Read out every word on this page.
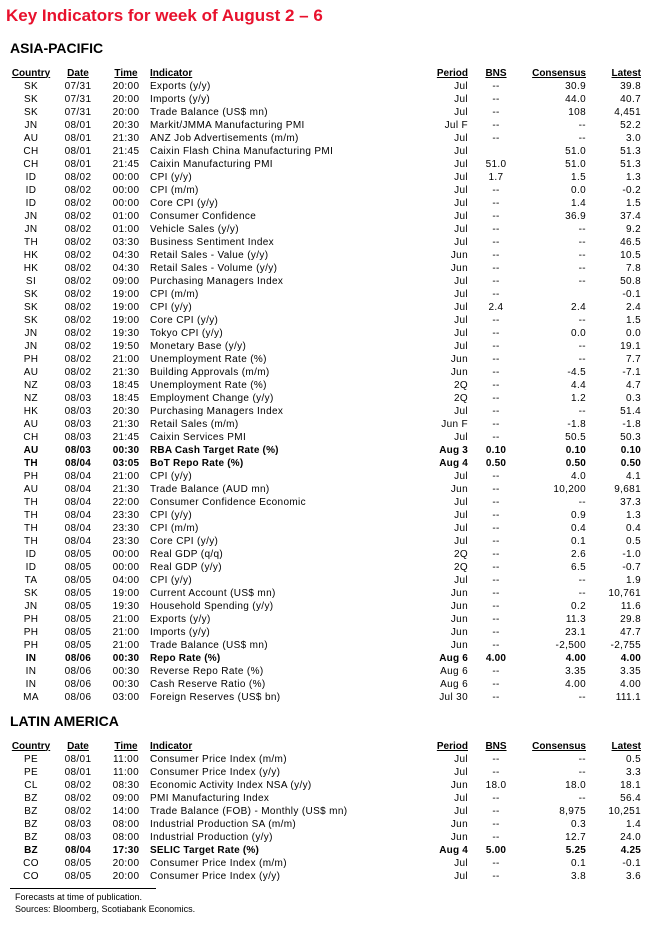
Key Indicators for week of August 2 – 6
ASIA-PACIFIC
Country	Date	Time	Indicator	Period	BNS	Consensus	Latest
SK	07/31	20:00	Exports (y/y)	Jul	--	30.9	39.8
SK	07/31	20:00	Imports (y/y)	Jul	--	44.0	40.7
SK	07/31	20:00	Trade Balance (US$ mn)	Jul	--	108	4,451
JN	08/01	20:30	Markit/JMMA Manufacturing PMI	Jul F	--	--	52.2
AU	08/01	21:30	ANZ Job Advertisements (m/m)	Jul	--	--	3.0
CH	08/01	21:45	Caixin Flash China Manufacturing PMI	Jul		51.0	51.3
CH	08/01	21:45	Caixin Manufacturing PMI	Jul	51.0	51.0	51.3
ID	08/02	00:00	CPI (y/y)	Jul	1.7	1.5	1.3
ID	08/02	00:00	CPI (m/m)	Jul	--	0.0	-0.2
ID	08/02	00:00	Core CPI (y/y)	Jul	--	1.4	1.5
JN	08/02	01:00	Consumer Confidence	Jul	--	36.9	37.4
JN	08/02	01:00	Vehicle Sales (y/y)	Jul	--	--	9.2
TH	08/02	03:30	Business Sentiment Index	Jul	--	--	46.5
HK	08/02	04:30	Retail Sales - Value (y/y)	Jun	--	--	10.5
HK	08/02	04:30	Retail Sales - Volume (y/y)	Jun	--	--	7.8
SI	08/02	09:00	Purchasing Managers Index	Jul	--	--	50.8
SK	08/02	19:00	CPI (m/m)	Jul	--		-0.1
SK	08/02	19:00	CPI (y/y)	Jul	2.4	2.4	2.4
SK	08/02	19:00	Core CPI (y/y)	Jul	--	--	1.5
JN	08/02	19:30	Tokyo CPI (y/y)	Jul	--	0.0	0.0
JN	08/02	19:50	Monetary Base (y/y)	Jul	--	--	19.1
PH	08/02	21:00	Unemployment Rate (%)	Jun	--	--	7.7
AU	08/02	21:30	Building Approvals (m/m)	Jun	--	-4.5	-7.1
NZ	08/03	18:45	Unemployment Rate (%)	2Q	--	4.4	4.7
NZ	08/03	18:45	Employment Change (y/y)	2Q	--	1.2	0.3
HK	08/03	20:30	Purchasing Managers Index	Jul	--	--	51.4
AU	08/03	21:30	Retail Sales (m/m)	Jun F	--	-1.8	-1.8
CH	08/03	21:45	Caixin Services PMI	Jul	--	50.5	50.3
AU	08/03	00:30	RBA Cash Target Rate (%)	Aug 3	0.10	0.10	0.10
TH	08/04	03:05	BoT Repo Rate (%)	Aug 4	0.50	0.50	0.50
PH	08/04	21:00	CPI (y/y)	Jul	--	4.0	4.1
AU	08/04	21:30	Trade Balance (AUD mn)	Jun	--	10,200	9,681
TH	08/04	22:00	Consumer Confidence Economic	Jul	--	--	37.3
TH	08/04	23:30	CPI (y/y)	Jul	--	0.9	1.3
TH	08/04	23:30	CPI (m/m)	Jul	--	0.4	0.4
TH	08/04	23:30	Core CPI (y/y)	Jul	--	0.1	0.5
ID	08/05	00:00	Real GDP (q/q)	2Q	--	2.6	-1.0
ID	08/05	00:00	Real GDP (y/y)	2Q	--	6.5	-0.7
TA	08/05	04:00	CPI (y/y)	Jul	--	--	1.9
SK	08/05	19:00	Current Account (US$ mn)	Jun	--	--	10,761
JN	08/05	19:30	Household Spending (y/y)	Jun	--	0.2	11.6
PH	08/05	21:00	Exports (y/y)	Jun	--	11.3	29.8
PH	08/05	21:00	Imports (y/y)	Jun	--	23.1	47.7
PH	08/05	21:00	Trade Balance (US$ mn)	Jun	--	-2,500	-2,755
IN	08/06	00:30	Repo Rate (%)	Aug 6	4.00	4.00	4.00
IN	08/06	00:30	Reverse Repo Rate (%)	Aug 6	--	3.35	3.35
IN	08/06	00:30	Cash Reserve Ratio (%)	Aug 6	--	4.00	4.00
MA	08/06	03:00	Foreign Reserves (US$ bn)	Jul 30	--	--	111.1
LATIN AMERICA
Country	Date	Time	Indicator	Period	BNS	Consensus	Latest
PE	08/01	11:00	Consumer Price Index (m/m)	Jul	--	--	0.5
PE	08/01	11:00	Consumer Price Index (y/y)	Jul	--	--	3.3
CL	08/02	08:30	Economic Activity Index NSA (y/y)	Jun	18.0	18.0	18.1
BZ	08/02	09:00	PMI Manufacturing Index	Jul	--	--	56.4
BZ	08/02	14:00	Trade Balance (FOB) - Monthly (US$ mn)	Jul	--	8,975	10,251
BZ	08/03	08:00	Industrial Production SA (m/m)	Jun	--	0.3	1.4
BZ	08/03	08:00	Industrial Production (y/y)	Jun	--	12.7	24.0
BZ	08/04	17:30	SELIC Target Rate (%)	Aug 4	5.00	5.25	4.25
CO	08/05	20:00	Consumer Price Index (m/m)	Jul	--	0.1	-0.1
CO	08/05	20:00	Consumer Price Index (y/y)	Jul	--	3.8	3.6
Forecasts at time of publication.
Sources: Bloomberg, Scotiabank Economics.
